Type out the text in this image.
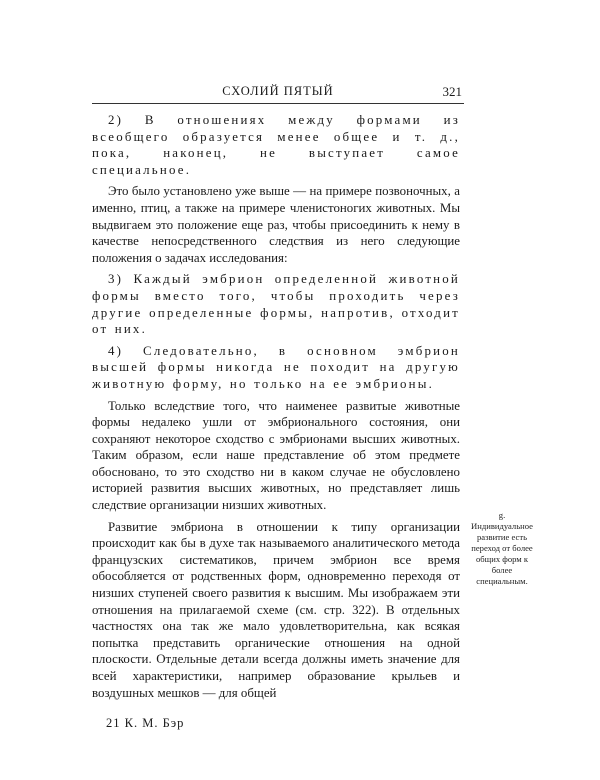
СХОЛИЙ ПЯТЫЙ	321

2) В отношениях между формами из всеобщего образуется менее общее и т. д., пока, наконец, не выступает самое специальное.

Это было установлено уже выше — на примере позвоночных, а именно, птиц, а также на примере членистоногих животных. Мы выдвигаем это положение еще раз, чтобы присоединить к нему в качестве непосредственного следствия из него следующие положения о задачах исследования:

3) Каждый эмбрион определенной животной формы вместо того, чтобы проходить через другие определенные формы, напротив, отходит от них.

4) Следовательно, в основном эмбрион высшей формы никогда не походит на другую животную форму, но только на ее эмбрионы.

Только вследствие того, что наименее развитые животные формы недалеко ушли от эмбрионального состояния, они сохраняют некоторое сходство с эмбрионами высших животных. Таким образом, если наше представление об этом предмете обосновано, то это сходство ни в каком случае не обусловлено историей развития высших животных, но представляет лишь следствие организации низших животных.

Развитие эмбриона в отношении к типу организации происходит как бы в духе так называемого аналитического метода французских систематиков, причем эмбрион все время обособляется от родственных форм, одновременно переходя от низших ступеней своего развития к высшим. Мы изображаем эти отношения на прилагаемой схеме (см. стр. 322). В отдельных частностях она так же мало удовлетворительна, как всякая попытка представить органические отношения на одной плоскости. Отдельные детали всегда должны иметь значение для всей характеристики, например образование крыльев и воздушных мешков — для общей

g. Индивидуальное развитие есть переход от более общих форм к более специальным.
21 К. М. Бэр
